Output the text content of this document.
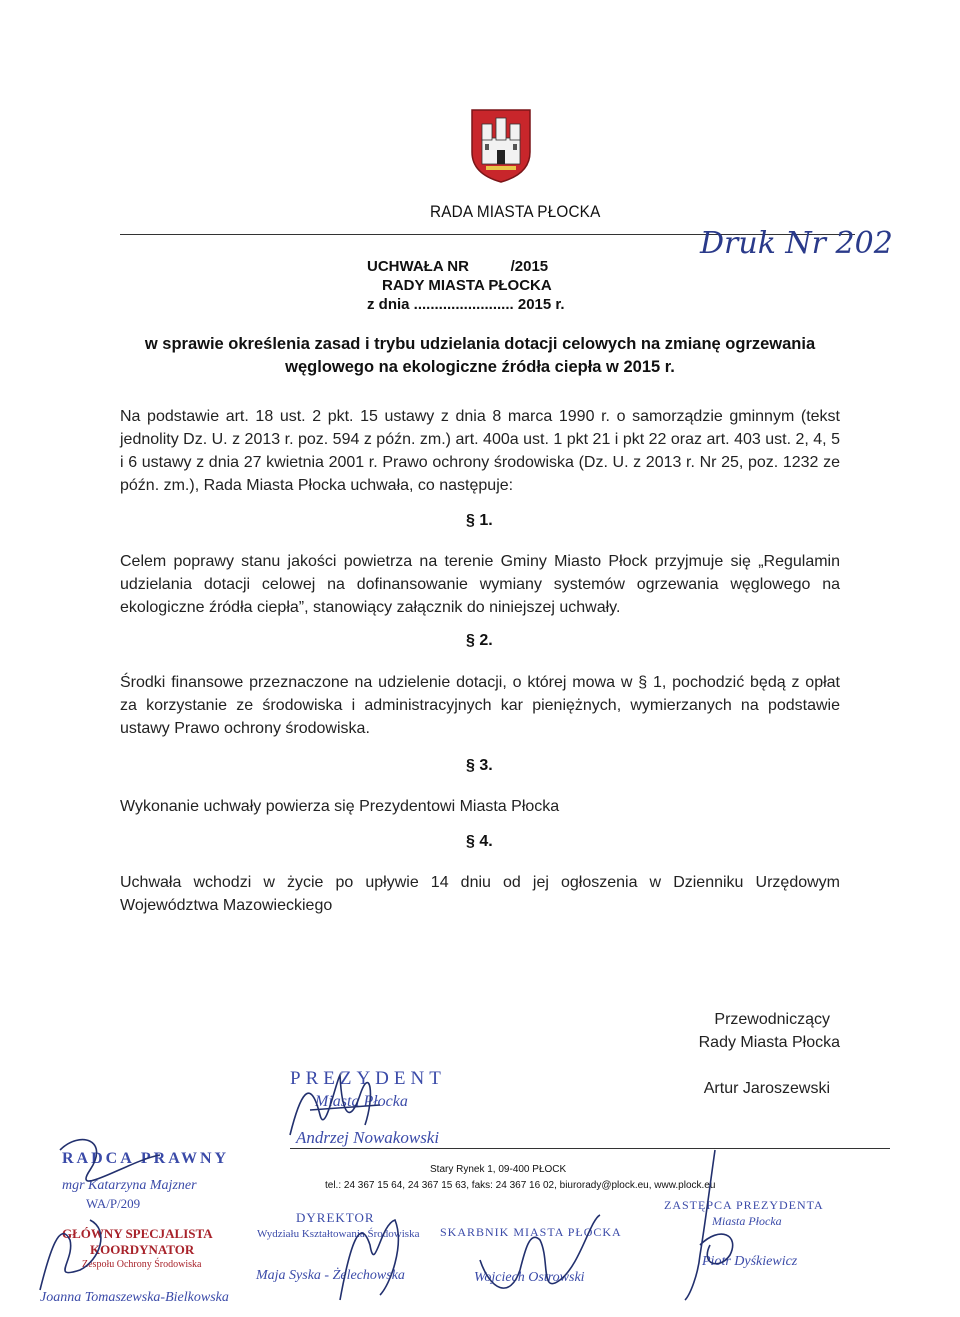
RADA MIASTA PŁOCKA
Druk Nr 202
UCHWAŁA NR          /2015
RADY MIASTA PŁOCKA
z dnia ........................ 2015 r.
w sprawie określenia zasad i trybu udzielania dotacji celowych na zmianę ogrzewania
węglowego na ekologiczne źródła ciepła w 2015 r.
Na podstawie art. 18 ust. 2 pkt. 15 ustawy z dnia 8 marca 1990 r. o samorządzie gminnym (tekst jednolity Dz. U. z 2013 r. poz. 594 z późn. zm.) art. 400a ust. 1 pkt 21 i pkt 22 oraz art. 403 ust. 2, 4, 5 i 6 ustawy z dnia 27 kwietnia 2001 r. Prawo ochrony środowiska (Dz. U. z 2013 r. Nr 25, poz. 1232 ze późn. zm.), Rada Miasta Płocka uchwała, co następuje:
§ 1.
Celem poprawy stanu jakości powietrza na terenie Gminy Miasto Płock przyjmuje się „Regulamin udzielania dotacji celowej na dofinansowanie wymiany systemów ogrzewania węglowego na ekologiczne źródła ciepła”, stanowiący załącznik do niniejszej uchwały.
§ 2.
Środki finansowe przeznaczone na udzielenie dotacji, o której mowa w § 1, pochodzić będą z opłat za korzystanie ze środowiska i administracyjnych kar pieniężnych, wymierzanych na podstawie ustawy Prawo ochrony środowiska.
§ 3.
Wykonanie uchwały powierza się Prezydentowi Miasta Płocka
§ 4.
Uchwała wchodzi w życie po upływie 14 dniu od jej ogłoszenia w Dzienniku Urzędowym Województwa Mazowieckiego
Przewodniczący
Rady Miasta Płocka
Artur Jaroszewski
PREZYDENT
Miasta Płocka
Andrzej Nowakowski
Stary Rynek 1, 09-400 PŁOCK
tel.: 24 367 15 64, 24 367 15 63, faks: 24 367 16 02, biurorady@plock.eu, www.plock.eu
RADCA PRAWNY
mgr Katarzyna Majzner
WA/P/209
GŁÓWNY SPECJALISTA
KOORDYNATOR
Zespołu Ochrony Środowiska
Joanna Tomaszewska-Bielkowska
DYREKTOR
Wydziału Kształtowania Środowiska
Maja Syska - Żelechowska
SKARBNIK MIASTA PŁOCKA
Wojciech Ostrowski
ZASTĘPCA PREZYDENTA
Miasta Płocka
Piotr Dyśkiewicz
